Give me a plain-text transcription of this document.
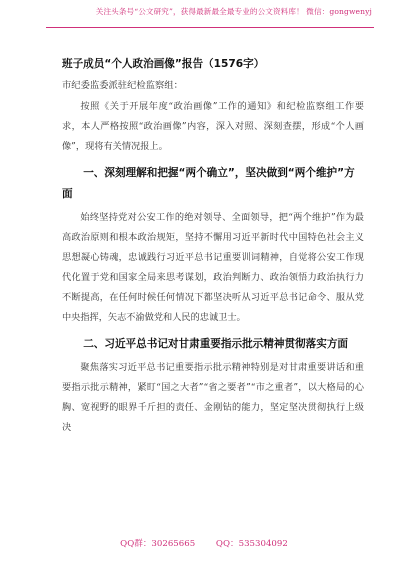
关注头条号“公文研究”，获得最新最全最专业的公文资料库！ 微信：gongwenyj
班子成员“个人政治画像”报告（1576字）
市纪委监委派驻纪检监察组：

按照《关于开展年度“政治画像”工作的通知》和纪检监察组工作要求，本人严格按照“政治画像”内容，深入对照、深刻查摆，形成“个人画像”，现将有关情况报上。

一、深刻理解和把握“两个确立”，坚决做到“两个维护”方面

始终坚持党对公安工作的绝对领导、全面领导，把“两个维护”作为最高政治原则和根本政治规矩，坚持不懈用习近平新时代中国特色社会主义思想凝心铸魂，忠诚践行习近平总书记重要训词精神，自觉将公安工作现代化置于党和国家全局来思考谋划，政治判断力、政治领悟力政治执行力不断提高，在任何时候任何情况下都坚决听从习近平总书记命令、服从党中央指挥，矢志不渝做党和人民的忠诚卫士。

二、习近平总书记对甘肃重要指示批示精神贯彻落实方面

聚焦落实习近平总书记重要指示批示精神特别是对甘肃重要讲话和重要指示批示精神，紧盯“国之大者”“省之要者”“市之重者”，以大格局的心胸、宽视野的眼界千斤担的责任、金刚钻的能力，坚定坚决贯彻执行上级决

QQ群：30265665 QQ：535304092
